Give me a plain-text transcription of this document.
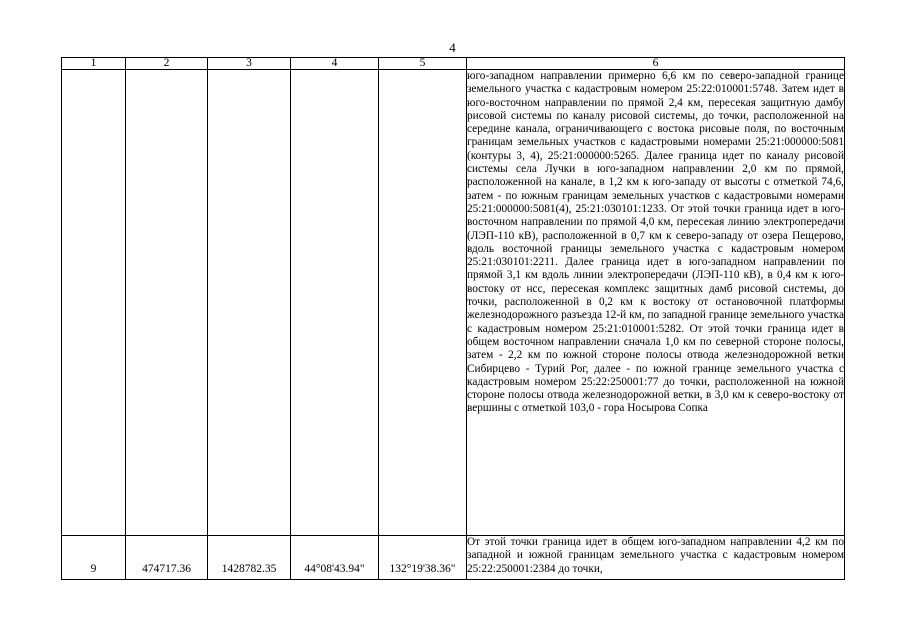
4
1	2	3	4	5	6
					юго-западном направлении примерно 6,6 км по северо-западной границе земельного участка с кадастровым номером 25:22:010001:5748. Затем идет в юго-восточном направлении по прямой 2,4 км, пересекая защитную дамбу рисовой системы по каналу рисовой системы, до точки, расположенной на середине канала, ограничивающего с востока рисовые поля, по восточным границам земельных участков с кадастровыми номерами 25:21:000000:5081 (контуры 3, 4), 25:21:000000:5265. Далее граница идет по каналу рисовой системы села Лучки в юго-западном направлении 2,0 км по прямой, расположенной на канале, в 1,2 км к юго-западу от высоты с отметкой 74,6, затем - по южным границам земельных участков с кадастровыми номерами 25:21:000000:5081(4), 25:21:030101:1233. От этой точки граница идет в юго-восточном направлении по прямой 4,0 км, пересекая линию электропередачи (ЛЭП-110 кВ), расположенной в 0,7 км к северо-западу от озера Пещерово, вдоль восточной границы земельного участка с кадастровым номером 25:21:030101:2211. Далее граница идет в юго-западном направлении по прямой 3,1 км вдоль линии электропередачи (ЛЭП-110 кВ), в 0,4 км к юго-востоку от нсс, пересекая комплекс защитных дамб рисовой системы, до точки, расположенной в 0,2 км к востоку от остановочной платформы железнодорожного разъезда 12-й км, по западной границе земельного участка с кадастровым номером 25:21:010001:5282. От этой точки граница идет в общем восточном направлении сначала 1,0 км по северной стороне полосы, затем - 2,2 км по южной стороне полосы отвода железнодорожной ветки Сибирцево - Турий Рог, далее - по южной границе земельного участка с кадастровым номером 25:22:250001:77 до точки, расположенной на южной стороне полосы отвода железнодорожной ветки, в 3,0 км к северо-востоку от вершины с отметкой 103,0 - гора Носырова Сопка
9	474717.36	1428782.35	44°08'43.94"	132°19'38.36"	От этой точки граница идет в общем юго-западном направлении 4,2 км по западной и южной границам земельного участка с кадастровым номером 25:22:250001:2384 до точки,
